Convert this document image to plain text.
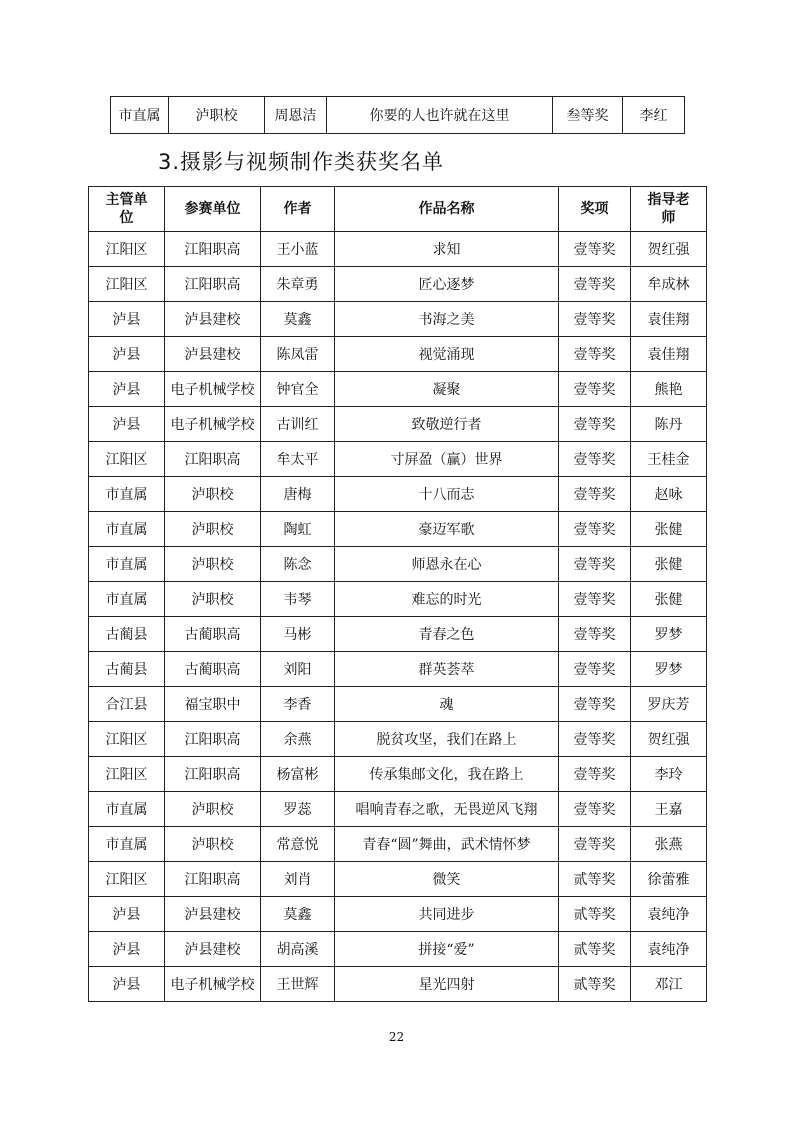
市直属	泸职校	周恩洁	你要的人也许就在这里	叁等奖	李红
3.摄影与视频制作类获奖名单
主管单位	参赛单位	作者	作品名称	奖项	指导老师
江阳区	江阳职高	王小蓝	求知	壹等奖	贺红强
江阳区	江阳职高	朱章勇	匠心逐梦	壹等奖	牟成林
泸县	泸县建校	莫鑫	书海之美	壹等奖	袁佳翔
泸县	泸县建校	陈凤雷	视觉涌现	壹等奖	袁佳翔
泸县	电子机械学校	钟官全	凝聚	壹等奖	熊艳
泸县	电子机械学校	古训红	致敬逆行者	壹等奖	陈丹
江阳区	江阳职高	牟太平	寸屏盈（赢）世界	壹等奖	王桂金
市直属	泸职校	唐梅	十八而志	壹等奖	赵咏
市直属	泸职校	陶虹	豪迈军歌	壹等奖	张健
市直属	泸职校	陈念	师恩永在心	壹等奖	张健
市直属	泸职校	韦琴	难忘的时光	壹等奖	张健
古蔺县	古蔺职高	马彬	青春之色	壹等奖	罗梦
古蔺县	古蔺职高	刘阳	群英荟萃	壹等奖	罗梦
合江县	福宝职中	李香	魂	壹等奖	罗庆芳
江阳区	江阳职高	余燕	脱贫攻坚，我们在路上	壹等奖	贺红强
江阳区	江阳职高	杨富彬	传承集邮文化，我在路上	壹等奖	李玲
市直属	泸职校	罗蕊	唱响青春之歌，无畏逆风飞翔	壹等奖	王嘉
市直属	泸职校	常意悦	青春“圆”舞曲，武术情怀梦	壹等奖	张燕
江阳区	江阳职高	刘肖	微笑	贰等奖	徐蕾雅
泸县	泸县建校	莫鑫	共同进步	贰等奖	袁纯净
泸县	泸县建校	胡高溪	拼接“爱”	贰等奖	袁纯净
泸县	电子机械学校	王世辉	星光四射	贰等奖	邓江
22
